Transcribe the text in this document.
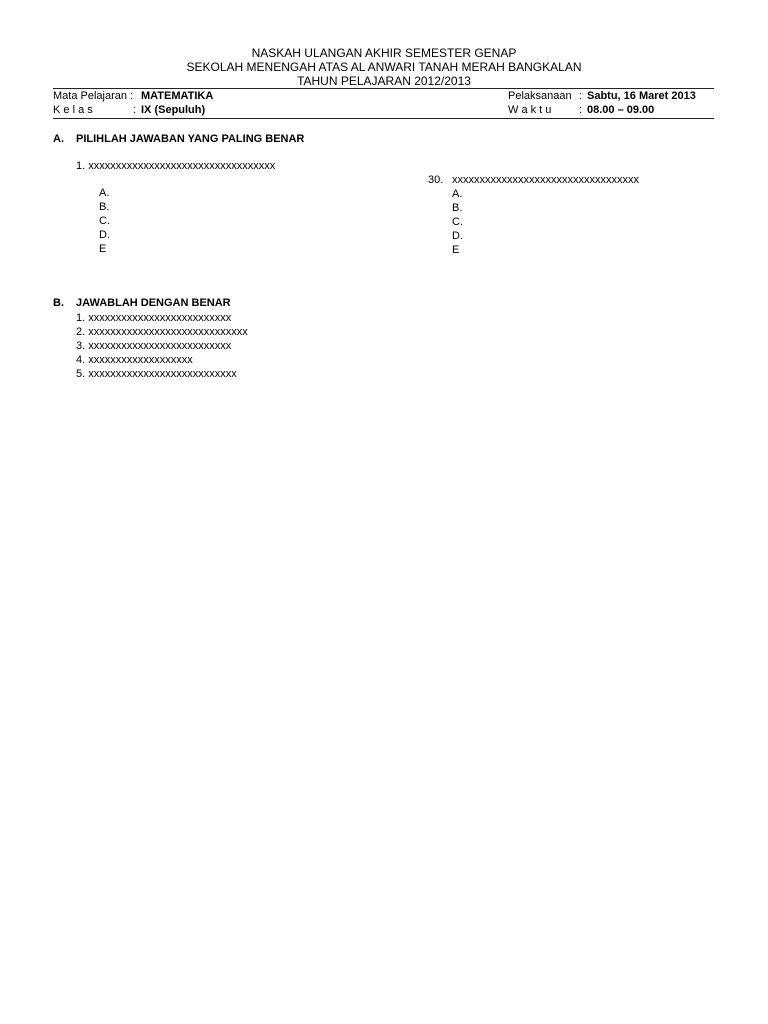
NASKAH ULANGAN AKHIR SEMESTER GENAP
SEKOLAH MENENGAH ATAS AL ANWARI TANAH MERAH BANGKALAN
TAHUN PELAJARAN 2012/2013
Mata Pelajaran : MATEMATIKA
K e l a s	: IX (Sepuluh)
Pelaksanaan : Sabtu, 16 Maret 2013
W a k t u	: 08.00 – 09.00
A. PILIHLAH JAWABAN YANG PALING BENAR
1. xxxxxxxxxxxxxxxxxxxxxxxxxxxxxxxxxx
A.
B.
C.
D.
E
30. xxxxxxxxxxxxxxxxxxxxxxxxxxxxxxxxxx
A.
B.
C.
D.
E
B. JAWABLAH DENGAN BENAR
1. xxxxxxxxxxxxxxxxxxxxxxxxxx
2. xxxxxxxxxxxxxxxxxxxxxxxxxxxxx
3. xxxxxxxxxxxxxxxxxxxxxxxxxx
4. xxxxxxxxxxxxxxxxxxx
5. xxxxxxxxxxxxxxxxxxxxxxxxxxx
